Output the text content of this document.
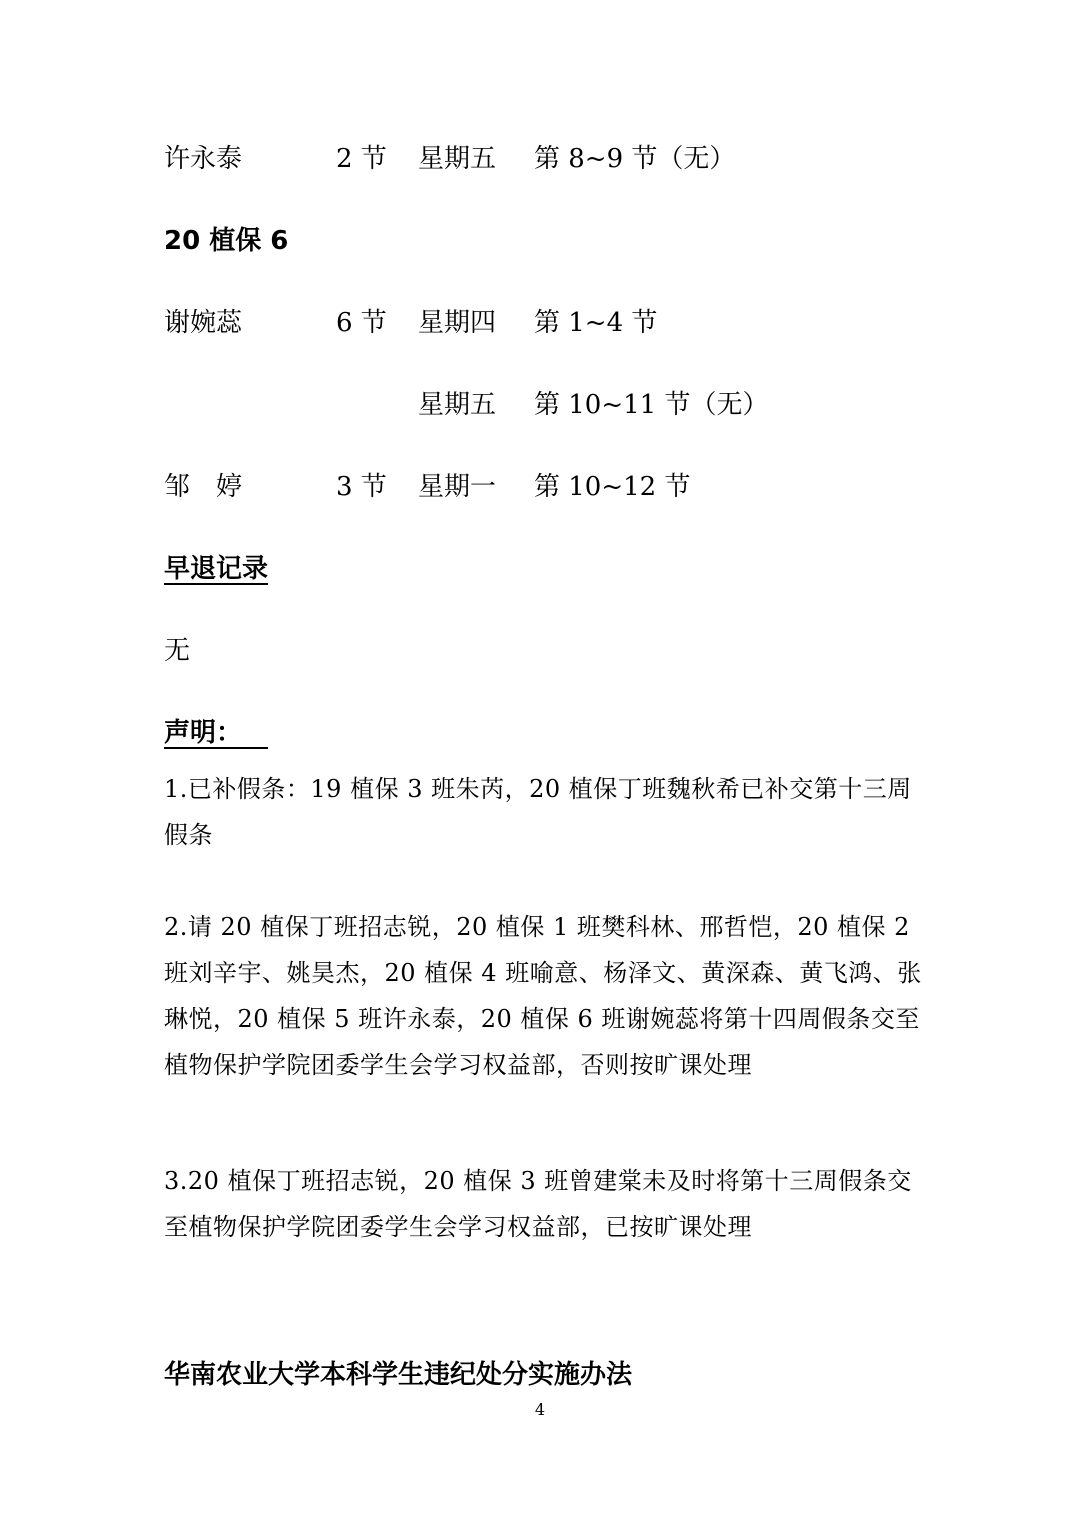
许永泰	2 节 星期五 第 8~9 节（无）
20 植保 6
谢婉蕊	6 节 星期四 第 1~4 节
星期五 第 10~11 节（无）
邹　婷	3 节 星期一 第 10~12 节
早退记录
无
声明： 
1.已补假条：19 植保 3 班朱芮，20 植保丁班魏秋希已补交第十三周假条
2.请 20 植保丁班招志锐，20 植保 1 班樊科林、邢哲恺，20 植保 2 班刘辛宇、姚昊杰，20 植保 4 班喻意、杨泽文、黄深森、黄飞鸿、张琳悦，20 植保 5 班许永泰，20 植保 6 班谢婉蕊将第十四周假条交至植物保护学院团委学生会学习权益部，否则按旷课处理
3.20 植保丁班招志锐，20 植保 3 班曾建棠未及时将第十三周假条交至植物保护学院团委学生会学习权益部，已按旷课处理
华南农业大学本科学生违纪处分实施办法
4
